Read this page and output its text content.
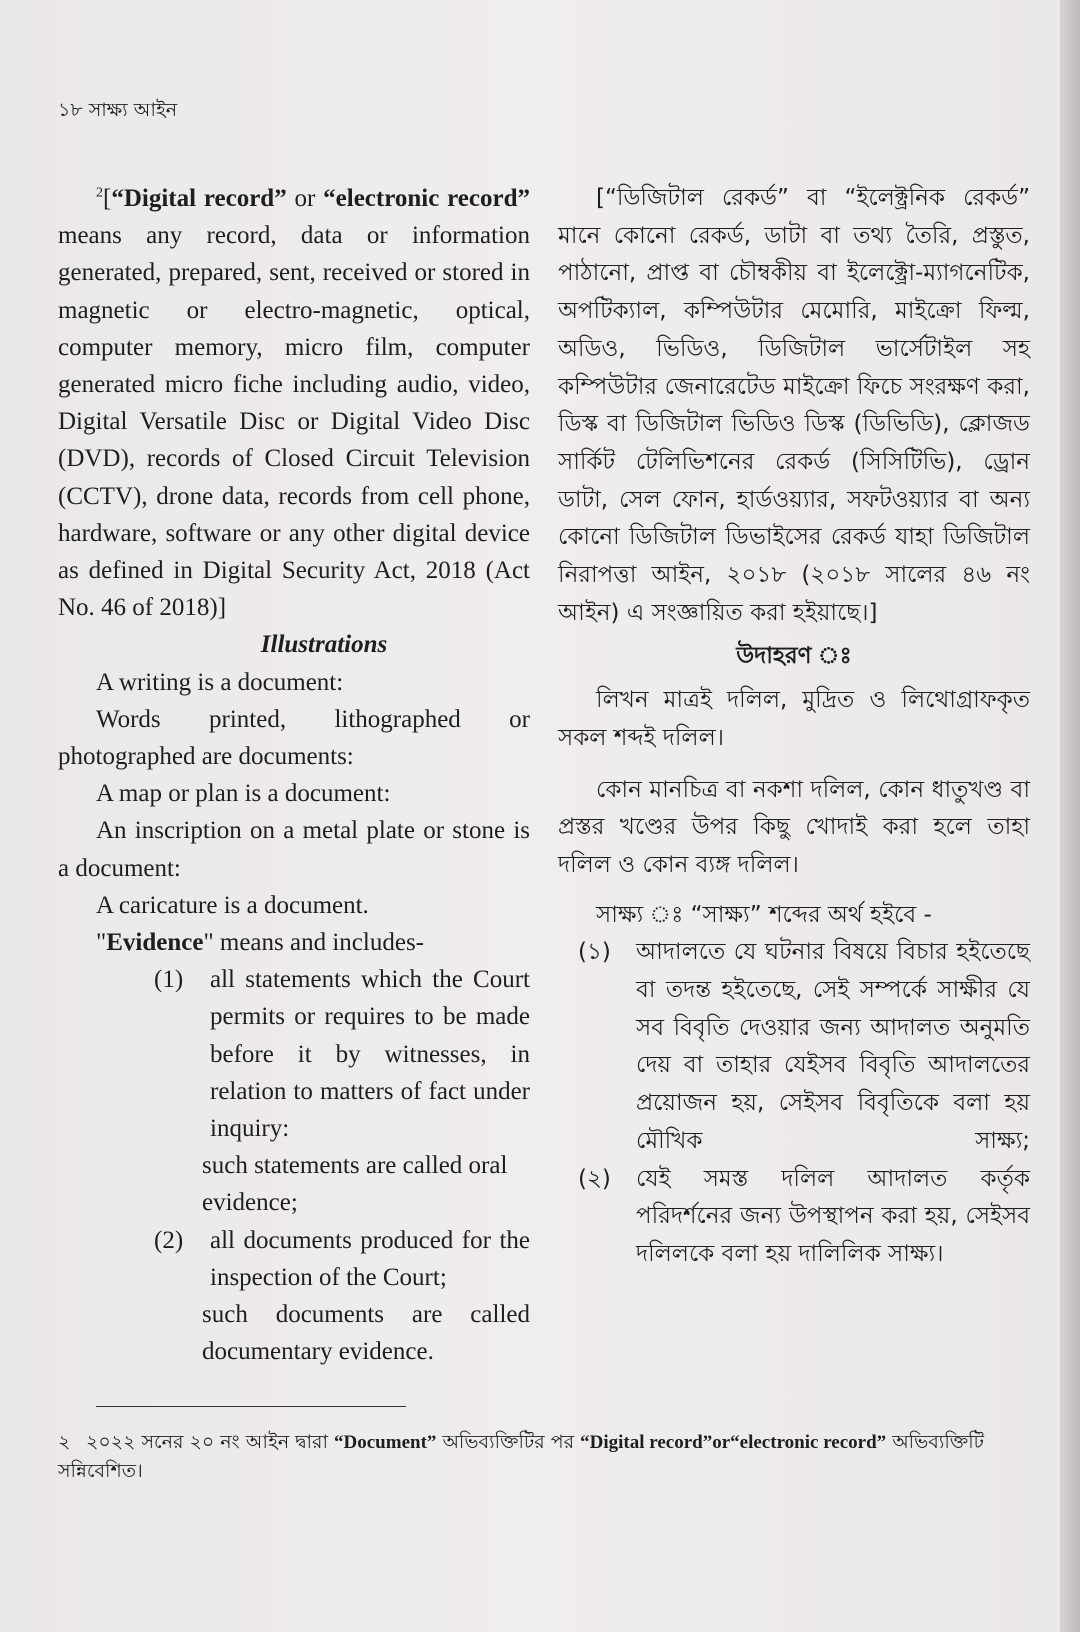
১৮ সাক্ষ্য আইন

$^2$[“Digital record” or “electronic record” means any record, data or information generated, prepared, sent, received or stored in magnetic or electro-magnetic, optical, computer memory, micro film, computer generated micro fiche including audio, video, Digital Versatile Disc or Digital Video Disc (DVD), records of Closed Circuit Television (CCTV), drone data, records from cell phone, hardware, software or any other digital device as defined in Digital Security Act, 2018 (Act No. 46 of 2018)]

Illustrations

A writing is a document:

Words printed, lithographed or photographed are documents:

A map or plan is a document:

An inscription on a metal plate or stone is a document:

A caricature is a document.

"Evidence" means and includes-

(1)	all statements which the Court permits or requires to be made before it by witnesses, in relation to matters of fact under inquiry:

such statements are called oral evidence;

(2)	all documents produced for the inspection of the Court;

such documents are called documentary evidence.

[“ডিজিটাল রেকর্ড” বা “ইলেক্ট্রনিক রেকর্ড” মানে কোনো রেকর্ড, ডাটা বা তথ্য তৈরি, প্রস্তুত, পাঠানো, প্রাপ্ত বা চৌম্বকীয় বা ইলেক্ট্রো-ম্যাগনেটিক, অপটিক্যাল, কম্পিউটার মেমোরি, মাইক্রো ফিল্ম, অডিও, ভিডিও, ডিজিটাল ভার্সেটাইল সহ কম্পিউটার জেনারেটেড মাইক্রো ফিচে সংরক্ষণ করা, ডিস্ক বা ডিজিটাল ভিডিও ডিস্ক (ডিভিডি), ক্লোজড সার্কিট টেলিভিশনের রেকর্ড (সিসিটিভি), ড্রোন ডাটা, সেল ফোন, হার্ডওয়্যার, সফটওয়্যার বা অন্য কোনো ডিজিটাল ডিভাইসের রেকর্ড যাহা ডিজিটাল নিরাপত্তা আইন, ২০১৮ (২০১৮ সালের ৪৬ নং আইন) এ সংজ্ঞায়িত করা হইয়াছে।]

উদাহরণ ঃ

লিখন মাত্রই দলিল, মুদ্রিত ও লিথোগ্রাফকৃত সকল শব্দই দলিল।

কোন মানচিত্র বা নকশা দলিল, কোন ধাতুখণ্ড বা প্রস্তর খণ্ডের উপর কিছু খোদাই করা হলে তাহা দলিল ও কোন ব্যঙ্গ দলিল।

সাক্ষ্য ঃ “সাক্ষ্য” শব্দের অর্থ হইবে -

(১)	আদালতে যে ঘটনার বিষয়ে বিচার হইতেছে বা তদন্ত হইতেছে, সেই সম্পর্কে সাক্ষীর যে সব বিবৃতি দেওয়ার জন্য আদালত অনুমতি দেয় বা তাহার যেইসব বিবৃতি আদালতের প্রয়োজন হয়, সেইসব বিবৃতিকে বলা হয় মৌখিক সাক্ষ্য;
(২)	যেই সমস্ত দলিল আদালত কর্তৃক পরিদর্শনের জন্য উপস্থাপন করা হয়, সেইসব দলিলকে বলা হয় দালিলিক সাক্ষ্য।
২ ২০২২ সনের ২০ নং আইন দ্বারা “Document” অভিব্যক্তিটির পর “Digital record”or“electronic record” অভিব্যক্তিটি সন্নিবেশিত।
